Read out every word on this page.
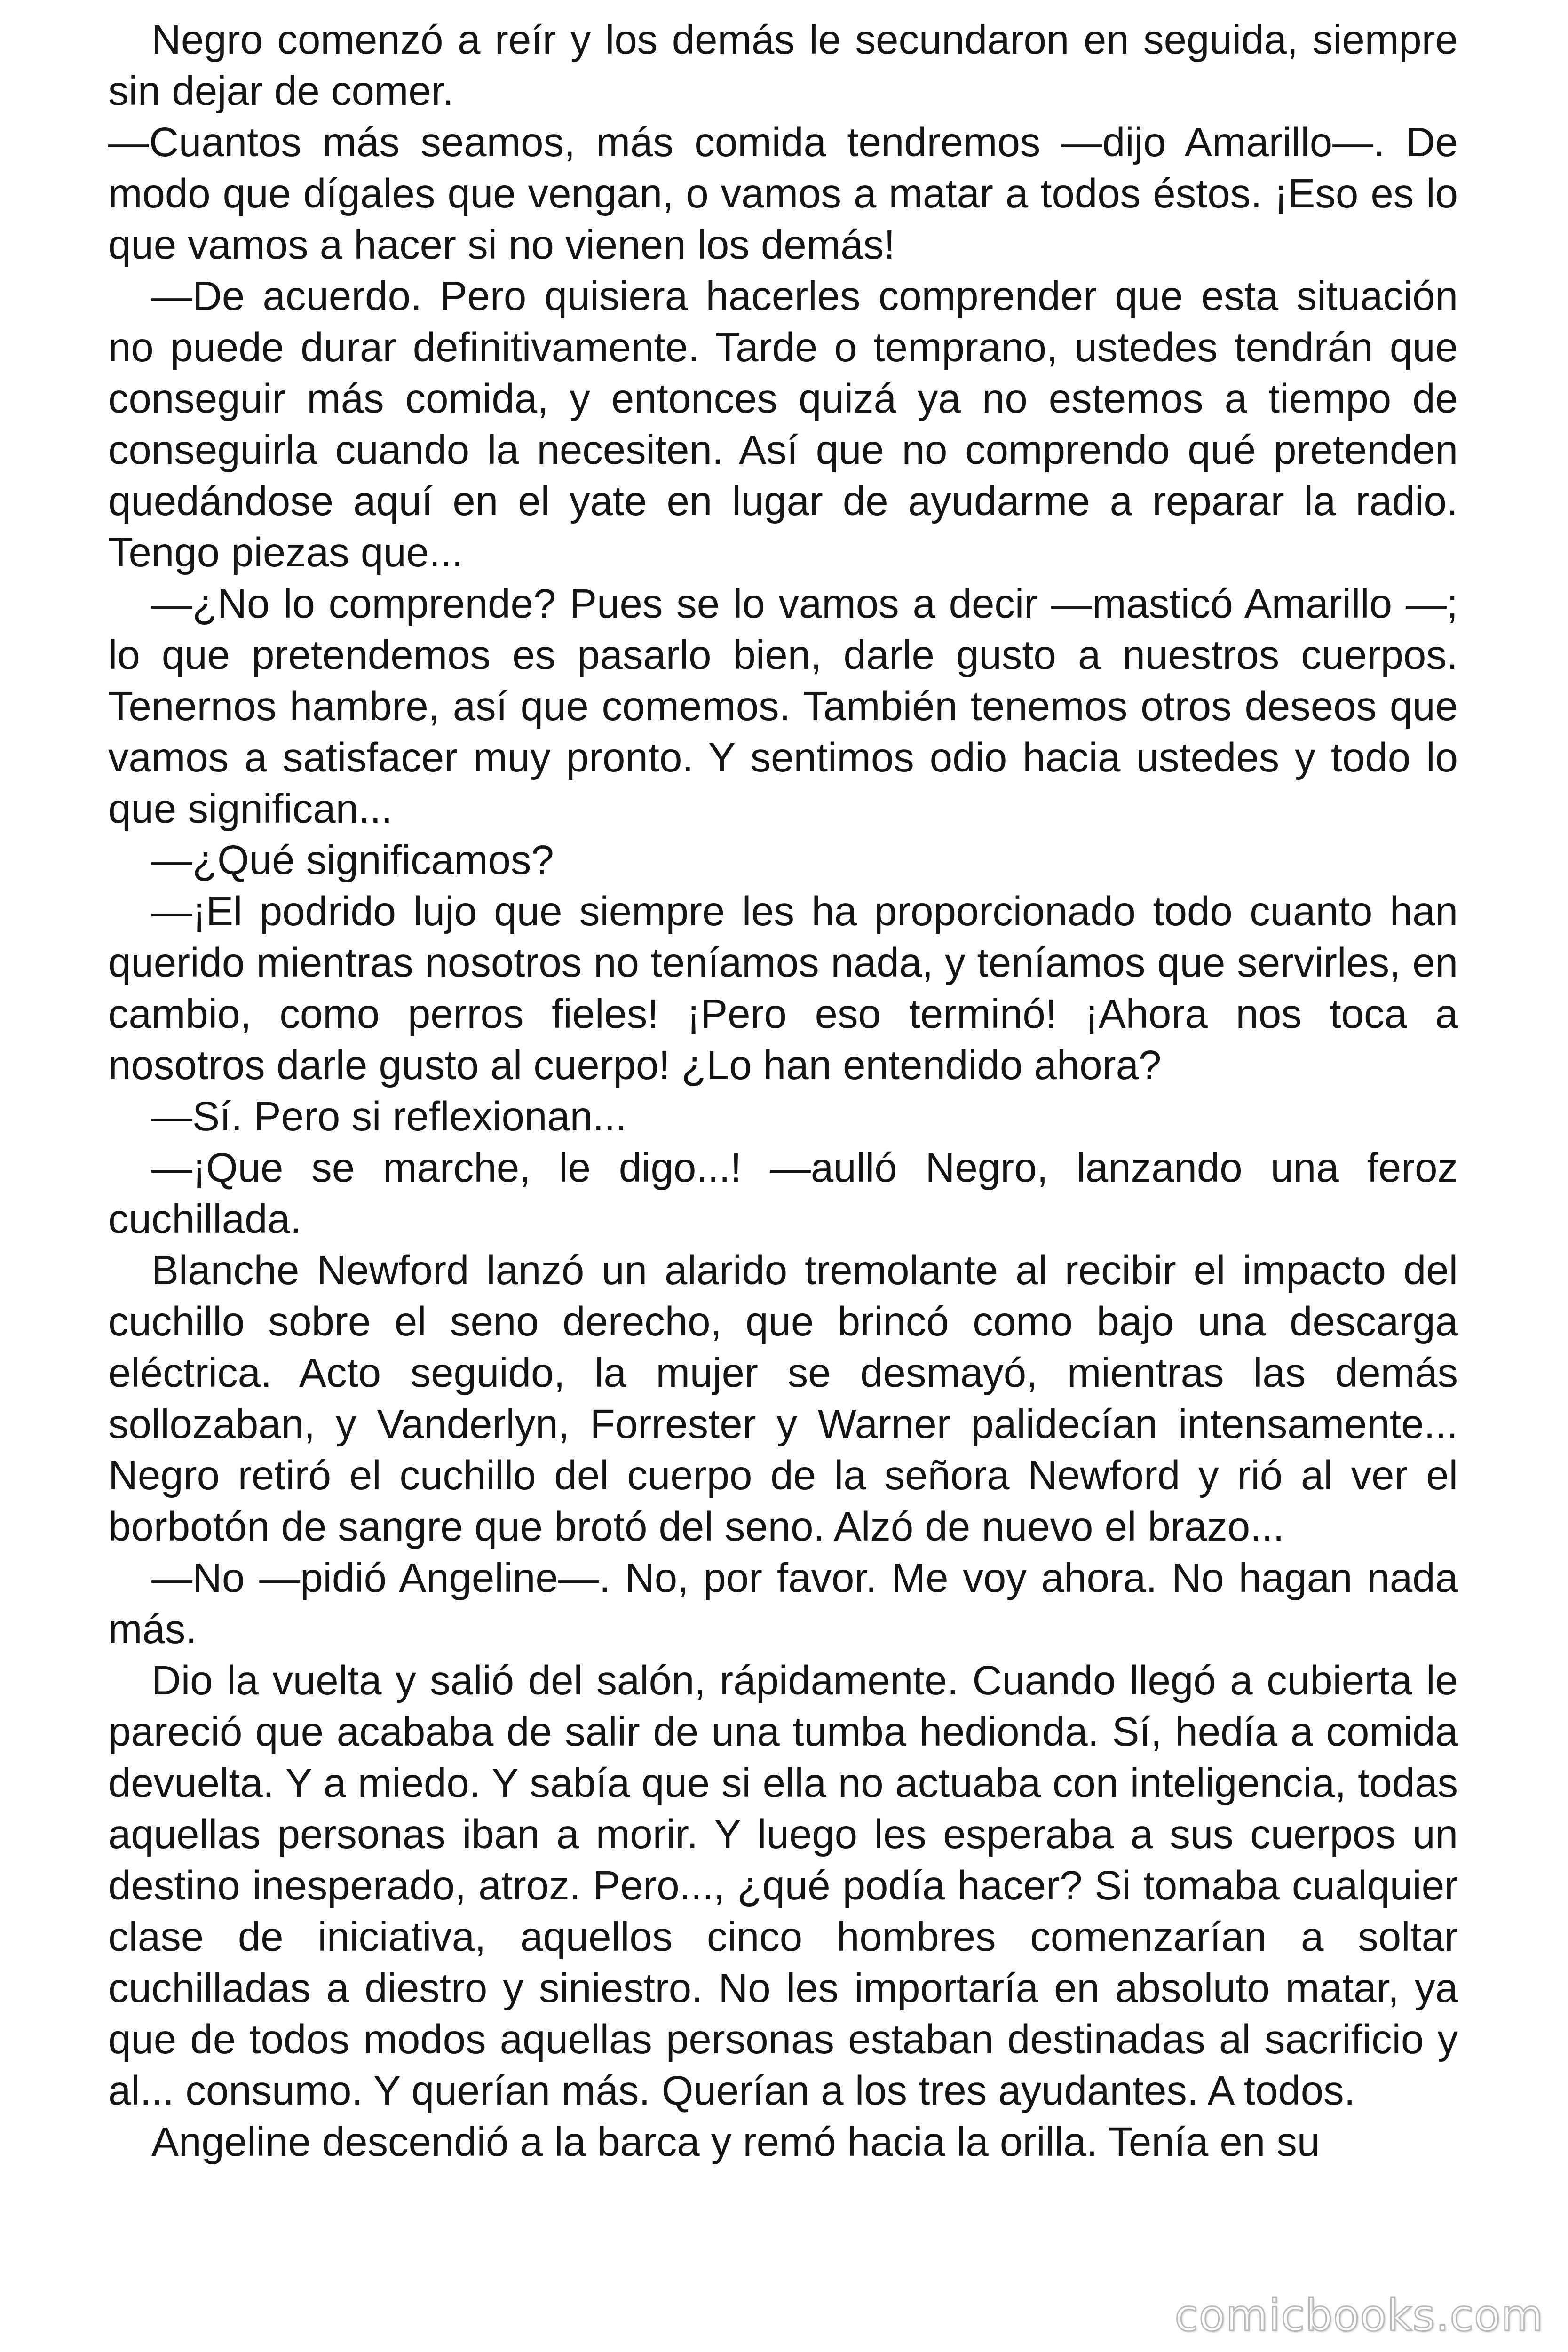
Negro comenzó a reír y los demás le secundaron en seguida, siempre sin dejar de comer.

—Cuantos más seamos, más comida tendremos —dijo Amarillo—. De modo que dígales que vengan, o vamos a matar a todos éstos. ¡Eso es lo que vamos a hacer si no vienen los demás!

—De acuerdo. Pero quisiera hacerles comprender que esta situación no puede durar definitivamente. Tarde o temprano, ustedes tendrán que conseguir más comida, y entonces quizá ya no estemos a tiempo de conseguirla cuando la necesiten. Así que no comprendo qué pretenden quedándose aquí en el yate en lugar de ayudarme a reparar la radio. Tengo piezas que...

—¿No lo comprende? Pues se lo vamos a decir —masticó Amarillo —; lo que pretendemos es pasarlo bien, darle gusto a nuestros cuerpos. Tenernos hambre, así que comemos. También tenemos otros deseos que vamos a satisfacer muy pronto. Y sentimos odio hacia ustedes y todo lo que significan...

—¿Qué significamos?

—¡El podrido lujo que siempre les ha proporcionado todo cuanto han querido mientras nosotros no teníamos nada, y teníamos que servirles, en cambio, como perros fieles! ¡Pero eso terminó! ¡Ahora nos toca a nosotros darle gusto al cuerpo! ¿Lo han entendido ahora?

—Sí. Pero si reflexionan...

—¡Que se marche, le digo...! —aulló Negro, lanzando una feroz cuchillada.

Blanche Newford lanzó un alarido tremolante al recibir el impacto del cuchillo sobre el seno derecho, que brincó como bajo una descarga eléctrica. Acto seguido, la mujer se desmayó, mientras las demás sollozaban, y Vanderlyn, Forrester y Warner palidecían intensamente... Negro retiró el cuchillo del cuerpo de la señora Newford y rió al ver el borbotón de sangre que brotó del seno. Alzó de nuevo el brazo...

—No —pidió Angeline—. No, por favor. Me voy ahora. No hagan nada más.

Dio la vuelta y salió del salón, rápidamente. Cuando llegó a cubierta le pareció que acababa de salir de una tumba hedionda. Sí, hedía a comida devuelta. Y a miedo. Y sabía que si ella no actuaba con inteligencia, todas aquellas personas iban a morir. Y luego les esperaba a sus cuerpos un destino inesperado, atroz. Pero..., ¿qué podía hacer? Si tomaba cualquier clase de iniciativa, aquellos cinco hombres comenzarían a soltar cuchilladas a diestro y siniestro. No les importaría en absoluto matar, ya que de todos modos aquellas personas estaban destinadas al sacrificio y al... consumo. Y querían más. Querían a los tres ayudantes. A todos.

Angeline descendió a la barca y remó hacia la orilla. Tenía en su

comicbooks.com
